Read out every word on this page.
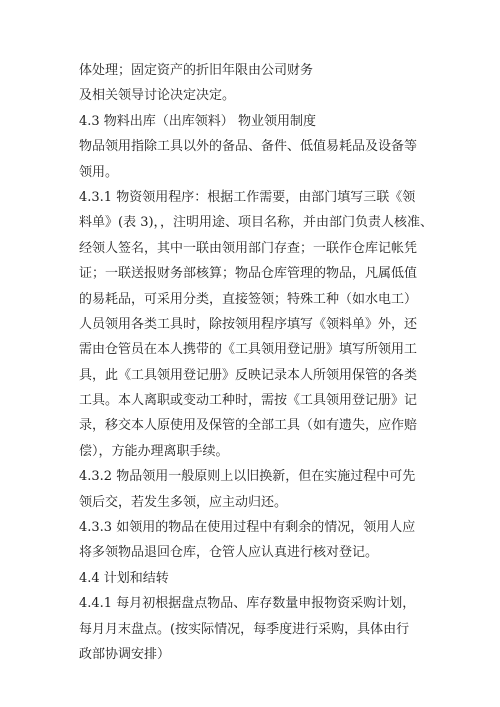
体处理；固定资产的折旧年限由公司财务
及相关领导讨论决定决定。
4.3 物料出库（出库领料） 物业领用制度
物品领用指除工具以外的备品、备件、低值易耗品及设备等
领用。
4.3.1 物资领用程序：根据工作需要，由部门填写三联《领
料单》(表 3)，，注明用途、项目名称，并由部门负责人核准、
经领人签名，其中一联由领用部门存查；一联作仓库记帐凭
证；一联送报财务部核算；物品仓库管理的物品，凡属低值
的易耗品，可采用分类，直接签领；特殊工种（如水电工）
人员领用各类工具时，除按领用程序填写《领料单》外，还
需由仓管员在本人携带的《工具领用登记册》填写所领用工
具，此《工具领用登记册》反映记录本人所领用保管的各类
工具。本人离职或变动工种时，需按《工具领用登记册》记
录，移交本人原使用及保管的全部工具（如有遗失，应作赔
偿），方能办理离职手续。
4.3.2 物品领用一般原则上以旧换新，但在实施过程中可先
领后交，若发生多领，应主动归还。
4.3.3 如领用的物品在使用过程中有剩余的情况，领用人应
将多领物品退回仓库，仓管人应认真进行核对登记。
4.4 计划和结转
4.4.1 每月初根据盘点物品、库存数量申报物资采购计划，
每月月末盘点。(按实际情况，每季度进行采购，具体由行
政部协调安排）
